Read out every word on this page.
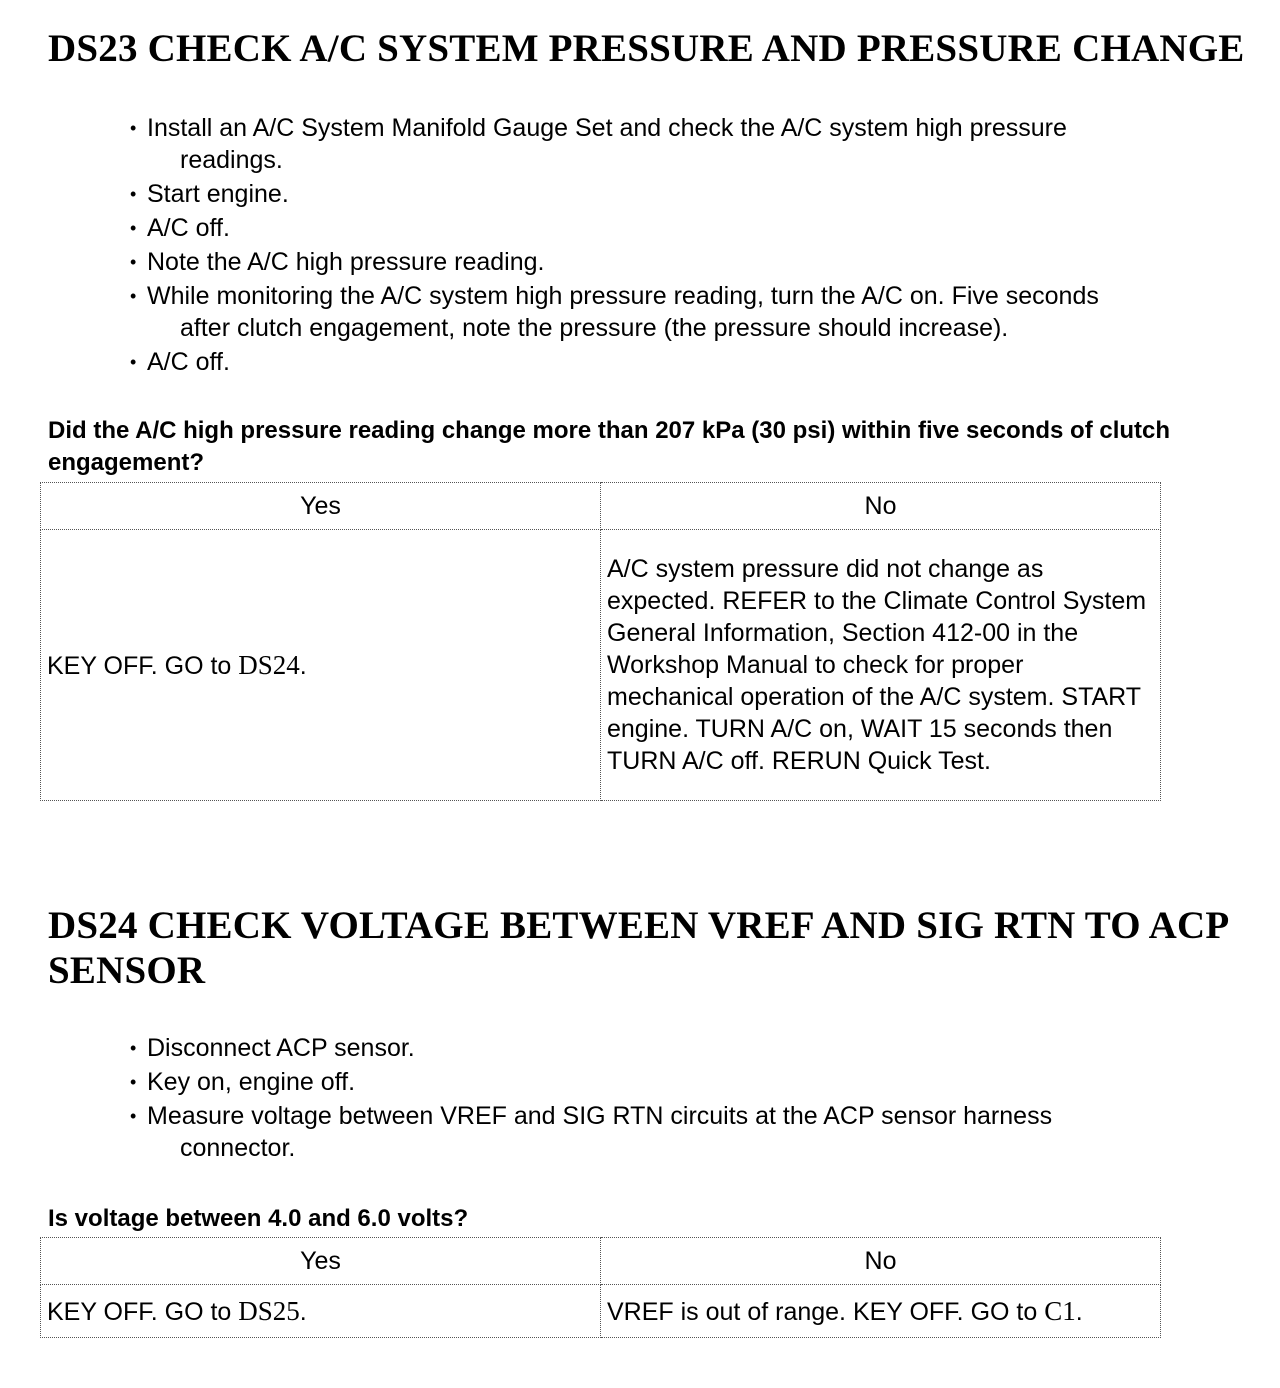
DS23 CHECK A/C SYSTEM PRESSURE AND PRESSURE CHANGE
• Install an A/C System Manifold Gauge Set and check the A/C system high pressure
readings.
• Start engine.
• A/C off.
• Note the A/C high pressure reading.
• While monitoring the A/C system high pressure reading, turn the A/C on. Five seconds
after clutch engagement, note the pressure (the pressure should increase).
• A/C off.
Did the A/C high pressure reading change more than 207 kPa (30 psi) within five seconds of clutch engagement?
Yes	No
KEY OFF. GO to DS24.	A/C system pressure did not change as expected. REFER to the Climate Control System General Information, Section 412-00 in the Workshop Manual to check for proper mechanical operation of the A/C system. START engine. TURN A/C on, WAIT 15 seconds then TURN A/C off. RERUN Quick Test.
DS24 CHECK VOLTAGE BETWEEN VREF AND SIG RTN TO ACP SENSOR
• Disconnect ACP sensor.
• Key on, engine off.
• Measure voltage between VREF and SIG RTN circuits at the ACP sensor harness
connector.
Is voltage between 4.0 and 6.0 volts?
Yes	No
KEY OFF. GO to DS25.	VREF is out of range. KEY OFF. GO to C1.
